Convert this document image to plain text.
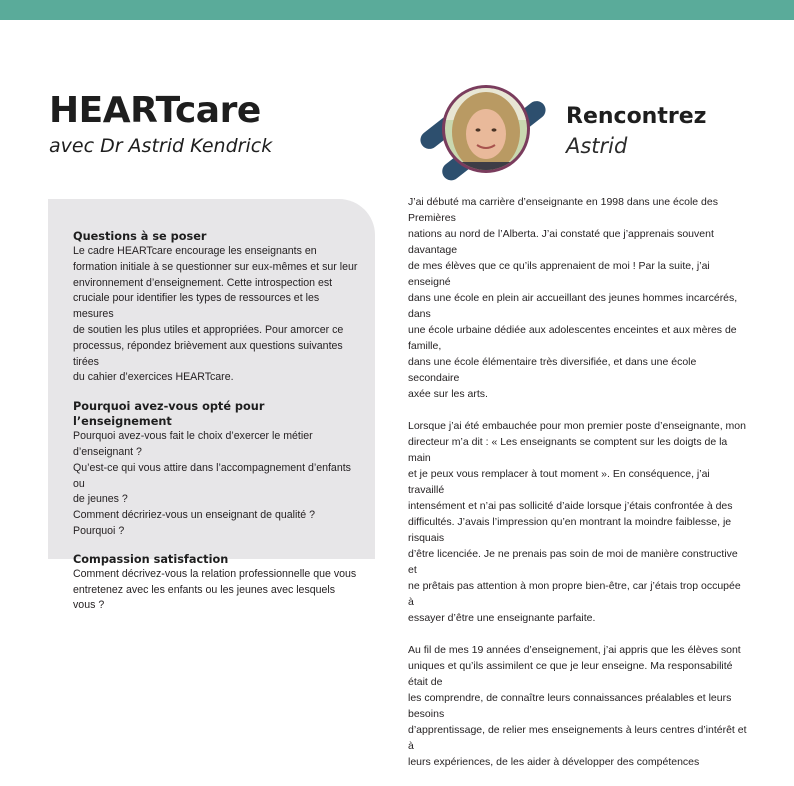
HEARTcare
avec Dr Astrid Kendrick
Rencontrez
Astrid

Questions à se poser

Le cadre HEARTcare encourage les enseignants en

formation initiale à se questionner sur eux-mêmes et sur leur

environnement d’enseignement. Cette introspection est

cruciale pour identifier les types de ressources et les mesures

de soutien les plus utiles et appropriées. Pour amorcer ce

processus, répondez brièvement aux questions suivantes tirées

du cahier d’exercices HEARTcare.

Pourquoi avez-vous opté pour

l’enseignement

Pourquoi avez-vous fait le choix d’exercer le métier

d’enseignant ?

Qu’est-ce qui vous attire dans l’accompagnement d’enfants ou

de jeunes ?

Comment décririez-vous un enseignant de qualité ? Pourquoi ?

Compassion satisfaction

Comment décrivez-vous la relation professionnelle que vous

entretenez avec les enfants ou les jeunes avec lesquels vous ?

J’ai débuté ma carrière d’enseignante en 1998 dans une école des Premières
nations au nord de l’Alberta. J’ai constaté que j’apprenais souvent davantage
de mes élèves que ce qu’ils apprenaient de moi ! Par la suite, j’ai enseigné
dans une école en plein air accueillant des jeunes hommes incarcérés, dans
une école urbaine dédiée aux adolescentes enceintes et aux mères de famille,
dans une école élémentaire très diversifiée, et dans une école secondaire
axée sur les arts.

Lorsque j’ai été embauchée pour mon premier poste d’enseignante, mon
directeur m’a dit : « Les enseignants se comptent sur les doigts de la main
et je peux vous remplacer à tout moment ». En conséquence, j’ai travaillé
intensément et n’ai pas sollicité d’aide lorsque j’étais confrontée à des
difficultés. J’avais l’impression qu’en montrant la moindre faiblesse, je risquais
d’être licenciée. Je ne prenais pas soin de moi de manière constructive et
ne prêtais pas attention à mon propre bien-être, car j’étais trop occupée à
essayer d’être une enseignante parfaite.

Au fil de mes 19 années d’enseignement, j’ai appris que les élèves sont
uniques et qu’ils assimilent ce que je leur enseigne. Ma responsabilité était de
les comprendre, de connaître leurs connaissances préalables et leurs besoins
d’apprentissage, de relier mes enseignements à leurs centres d’intérêt et à
leurs expériences, de les aider à développer des compétences
